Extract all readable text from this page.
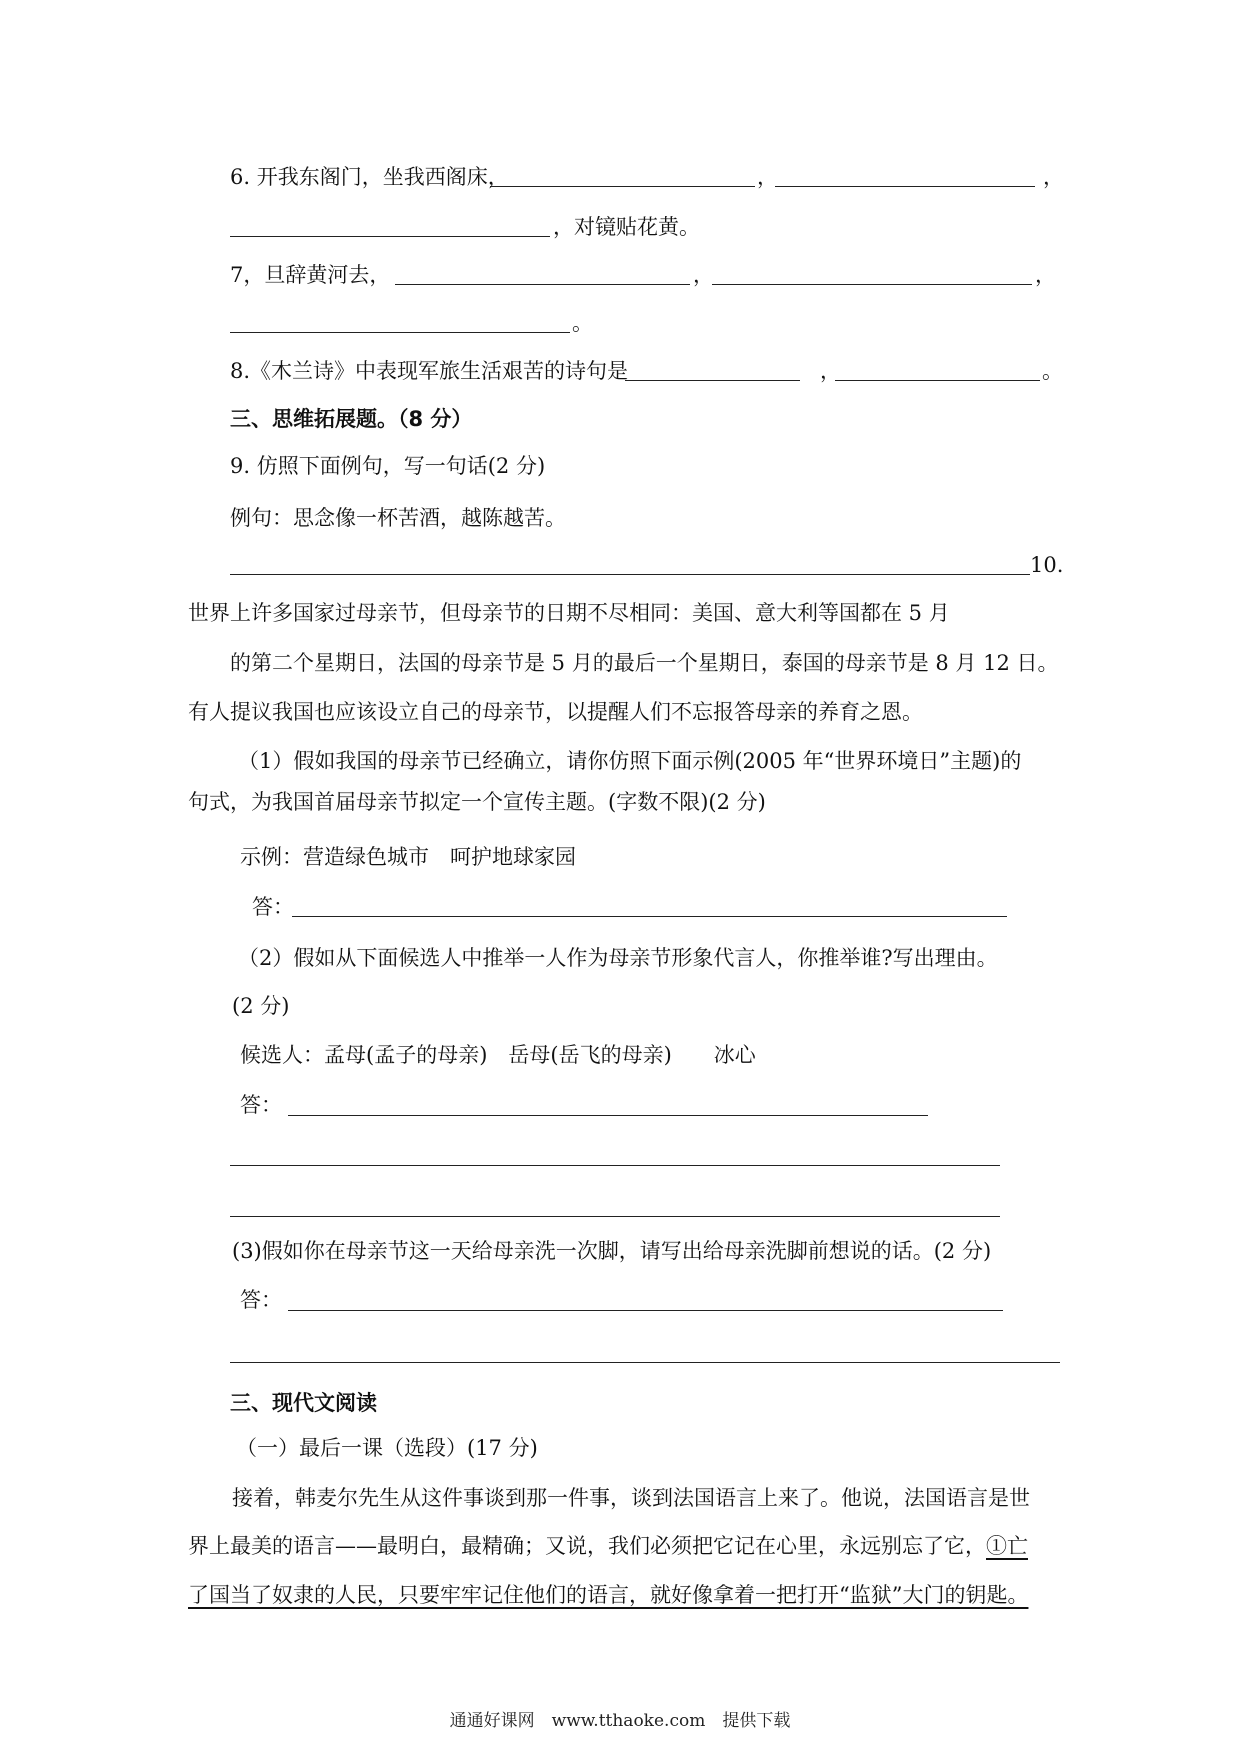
6. 开我东阁门，坐我西阁床，	，	，
，对镜贴花黄。
7，旦辞黄河去，	，	，
。
8.《木兰诗》中表现军旅生活艰苦的诗句是	，	。
三、思维拓展题。（8 分）
9. 仿照下面例句，写一句话(2 分)
例句：思念像一杯苦酒，越陈越苦。
10.
世界上许多国家过母亲节，但母亲节的日期不尽相同：美国、意大利等国都在 5 月
的第二个星期日，法国的母亲节是 5 月的最后一个星期日，泰国的母亲节是 8 月 12 日。
有人提议我国也应该设立自己的母亲节，以提醒人们不忘报答母亲的养育之恩。
（1）假如我国的母亲节已经确立，请你仿照下面示例(2005 年“世界环境日”主题)的
句式，为我国首届母亲节拟定一个宣传主题。(字数不限)(2 分)
示例：营造绿色城市　呵护地球家园
答：
（2）假如从下面候选人中推举一人作为母亲节形象代言人，你推举谁?写出理由。
(2 分)
候选人：孟母(孟子的母亲)　岳母(岳飞的母亲)　　冰心
答：
(3)假如你在母亲节这一天给母亲洗一次脚，请写出给母亲洗脚前想说的话。(2 分)
答：
三、现代文阅读
（一）最后一课（选段）(17 分)
接着，韩麦尔先生从这件事谈到那一件事，谈到法国语言上来了。他说，法国语言是世
界上最美的语言——最明白，最精确；又说，我们必须把它记在心里，永远别忘了它，①亡
了国当了奴隶的人民，只要牢牢记住他们的语言，就好像拿着一把打开“监狱”大门的钥匙。
通通好课网　www.tthaoke.com　提供下载
